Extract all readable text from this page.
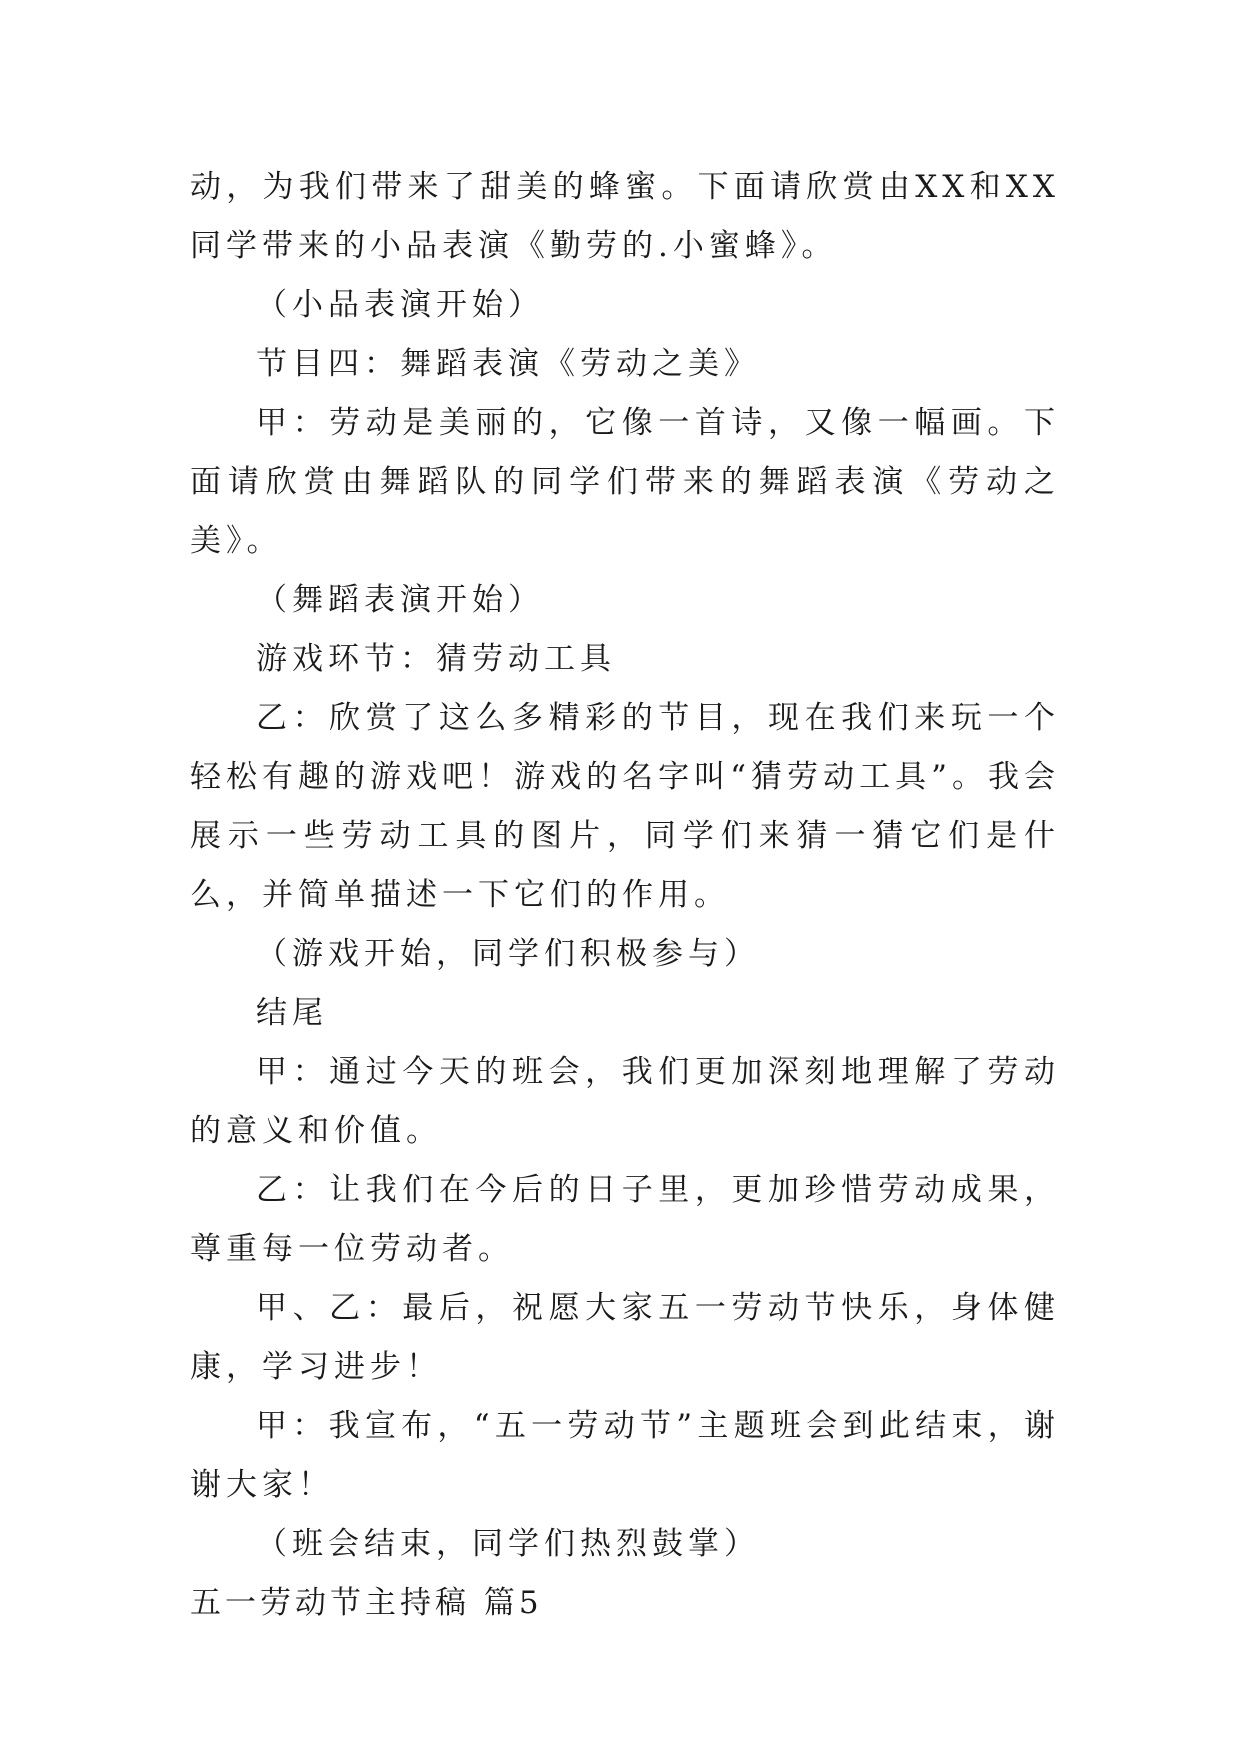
动，为我们带来了甜美的蜂蜜。下面请欣赏由XX和XX同学带来的小品表演《勤劳的.小蜜蜂》。

（小品表演开始）

节目四：舞蹈表演《劳动之美》

甲：劳动是美丽的，它像一首诗，又像一幅画。下面请欣赏由舞蹈队的同学们带来的舞蹈表演《劳动之美》。

（舞蹈表演开始）

游戏环节：猜劳动工具

乙：欣赏了这么多精彩的节目，现在我们来玩一个轻松有趣的游戏吧！游戏的名字叫“猜劳动工具”。我会展示一些劳动工具的图片，同学们来猜一猜它们是什么，并简单描述一下它们的作用。

（游戏开始，同学们积极参与）

结尾

甲：通过今天的班会，我们更加深刻地理解了劳动的意义和价值。

乙：让我们在今后的日子里，更加珍惜劳动成果，尊重每一位劳动者。

甲、乙：最后，祝愿大家五一劳动节快乐，身体健康，学习进步！

甲：我宣布，“五一劳动节”主题班会到此结束，谢谢大家！

（班会结束，同学们热烈鼓掌）

五一劳动节主持稿 篇5
